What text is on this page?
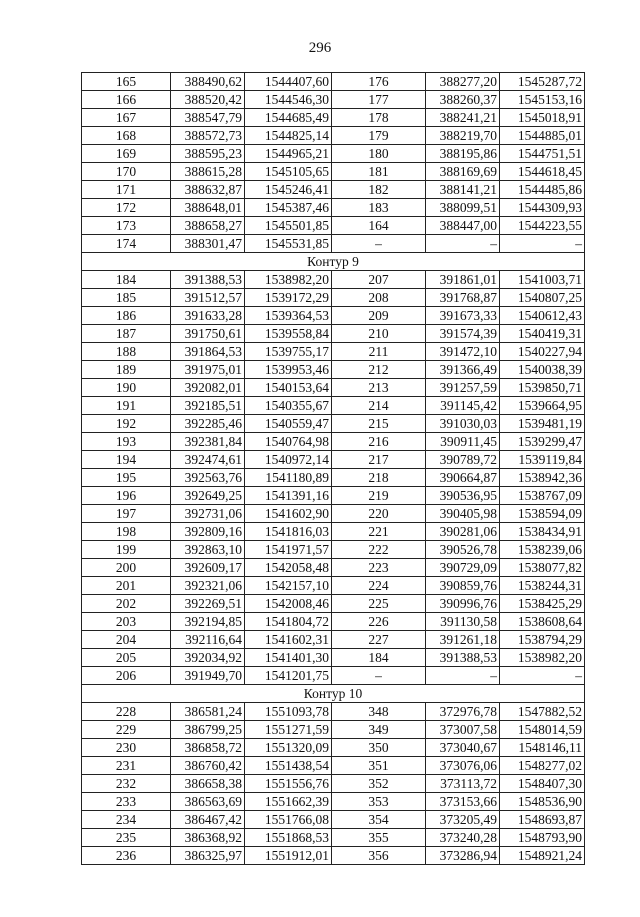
296
165	388490,62	1544407,60	176	388277,20	1545287,72
166	388520,42	1544546,30	177	388260,37	1545153,16
167	388547,79	1544685,49	178	388241,21	1545018,91
168	388572,73	1544825,14	179	388219,70	1544885,01
169	388595,23	1544965,21	180	388195,86	1544751,51
170	388615,28	1545105,65	181	388169,69	1544618,45
171	388632,87	1545246,41	182	388141,21	1544485,86
172	388648,01	1545387,46	183	388099,51	1544309,93
173	388658,27	1545501,85	164	388447,00	1544223,55
174	388301,47	1545531,85	–	–	–
Контур 9					
184	391388,53	1538982,20	207	391861,01	1541003,71
185	391512,57	1539172,29	208	391768,87	1540807,25
186	391633,28	1539364,53	209	391673,33	1540612,43
187	391750,61	1539558,84	210	391574,39	1540419,31
188	391864,53	1539755,17	211	391472,10	1540227,94
189	391975,01	1539953,46	212	391366,49	1540038,39
190	392082,01	1540153,64	213	391257,59	1539850,71
191	392185,51	1540355,67	214	391145,42	1539664,95
192	392285,46	1540559,47	215	391030,03	1539481,19
193	392381,84	1540764,98	216	390911,45	1539299,47
194	392474,61	1540972,14	217	390789,72	1539119,84
195	392563,76	1541180,89	218	390664,87	1538942,36
196	392649,25	1541391,16	219	390536,95	1538767,09
197	392731,06	1541602,90	220	390405,98	1538594,09
198	392809,16	1541816,03	221	390281,06	1538434,91
199	392863,10	1541971,57	222	390526,78	1538239,06
200	392609,17	1542058,48	223	390729,09	1538077,82
201	392321,06	1542157,10	224	390859,76	1538244,31
202	392269,51	1542008,46	225	390996,76	1538425,29
203	392194,85	1541804,72	226	391130,58	1538608,64
204	392116,64	1541602,31	227	391261,18	1538794,29
205	392034,92	1541401,30	184	391388,53	1538982,20
206	391949,70	1541201,75	–	–	–
Контур 10					
228	386581,24	1551093,78	348	372976,78	1547882,52
229	386799,25	1551271,59	349	373007,58	1548014,59
230	386858,72	1551320,09	350	373040,67	1548146,11
231	386760,42	1551438,54	351	373076,06	1548277,02
232	386658,38	1551556,76	352	373113,72	1548407,30
233	386563,69	1551662,39	353	373153,66	1548536,90
234	386467,42	1551766,08	354	373205,49	1548693,87
235	386368,92	1551868,53	355	373240,28	1548793,90
236	386325,97	1551912,01	356	373286,94	1548921,24
